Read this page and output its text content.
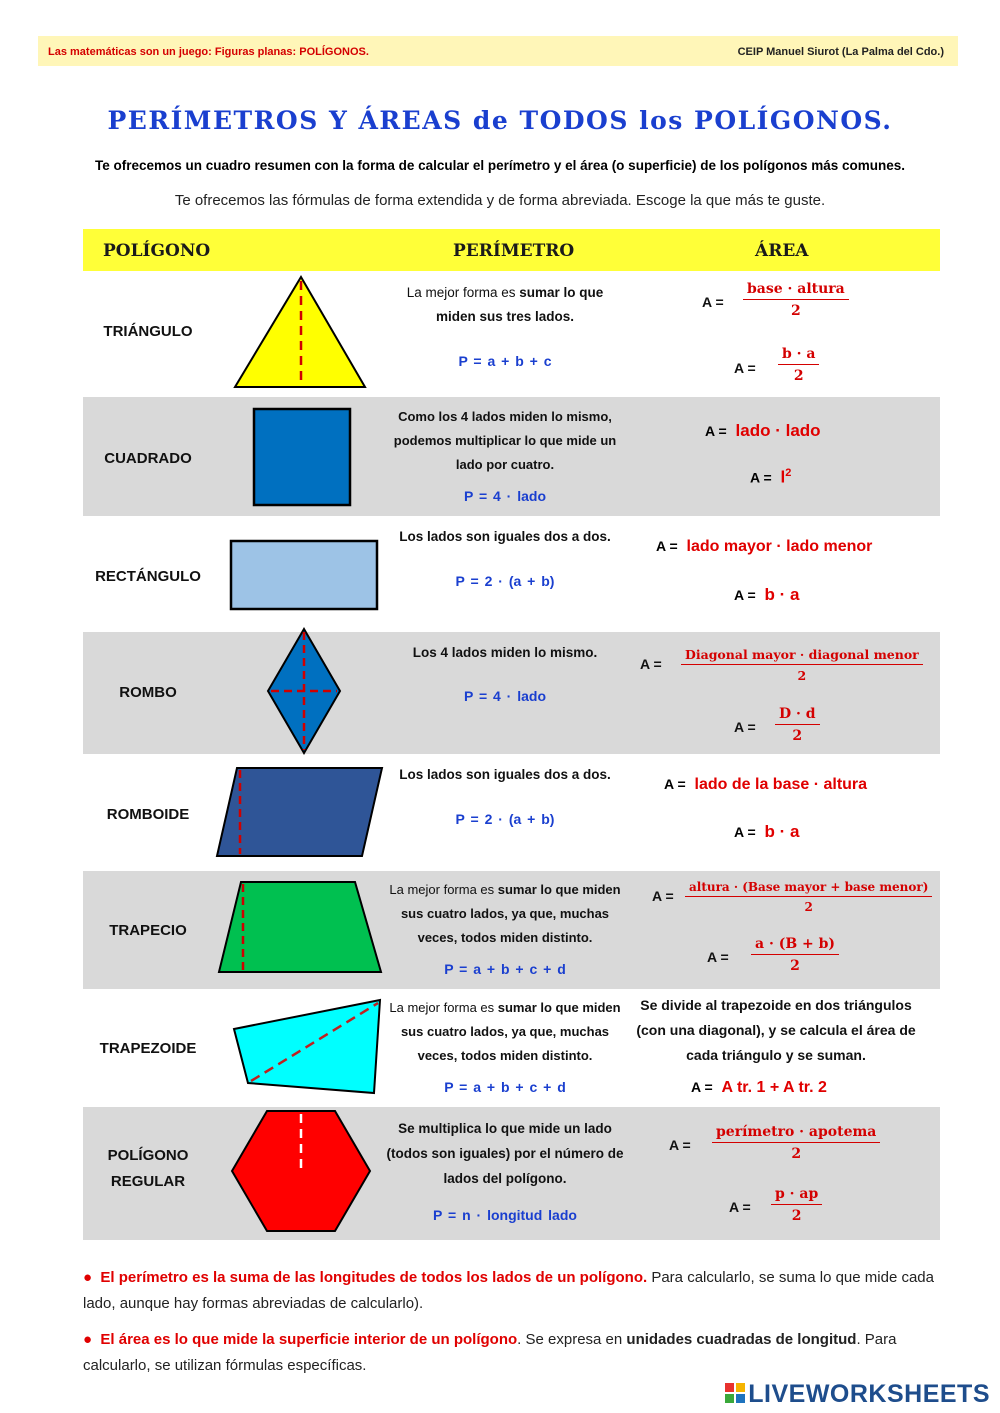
Las matemáticas son un juego: Figuras planas: POLÍGONOS.	CEIP Manuel Siurot (La Palma del Cdo.)
PERÍMETROS Y ÁREAS de TODOS los POLÍGONOS.
Te ofrecemos un cuadro resumen con la forma de calcular el perímetro y el área (o superficie) de los polígonos más comunes.
Te ofrecemos las fórmulas de forma extendida y de forma abreviada. Escoge la que más te guste.
POLÍGONO	PERÍMETRO	ÁREA
TRIÁNGULO
La mejor forma es sumar lo que
miden sus tres lados.
P = a + b + c
A =
base · altura
2
$A = \frac{b \cdot a}{2}$
CUADRADO
Como los 4 lados miden lo mismo, podemos multiplicar lo que mide un lado por cuatro.
P = 4 · lado
A = lado · lado
$A = l^2$
RECTÁNGULO
Los lados son iguales dos a dos.
P = 2 · (a + b)
A = lado mayor · lado menor
A = b · a
ROMBO
Los 4 lados miden lo mismo.
P = 4 · lado
A =
Diagonal mayor · diagonal menor
2
$A = \frac{D \cdot d}{2}$
ROMBOIDE
Los lados son iguales dos a dos.
P = 2 · (a + b)
A = lado de la base · altura
A = b · a
TRAPECIO
La mejor forma es sumar lo que miden sus cuatro lados, ya que, muchas veces, todos miden distinto.
P = a + b + c + d
A =
altura · (Base mayor + base menor)
2
$A = \frac{a \cdot (B + b)}{2}$
TRAPEZOIDE
La mejor forma es sumar lo que miden sus cuatro lados, ya que, muchas veces, todos miden distinto.
P = a + b + c + d
Se divide al trapezoide en dos triángulos (con una diagonal), y se calcula el área de cada triángulo y se suman.
A = A tr. 1 + A tr. 2
POLÍGONO
REGULAR
Se multiplica lo que mide un lado (todos son iguales) por el número de lados del polígono.
P = n · longitud lado
A =
perímetro · apotema
2
$A = \frac{p \cdot ap}{2}$
● El perímetro es la suma de las longitudes de todos los lados de un polígono. Para calcularlo, se suma lo que mide cada lado, aunque hay formas abreviadas de calcularlo).
● El área es lo que mide la superficie interior de un polígono. Se expresa en unidades cuadradas de longitud. Para calcularlo, se utilizan fórmulas específicas.
LIVEWORKSHEETS
